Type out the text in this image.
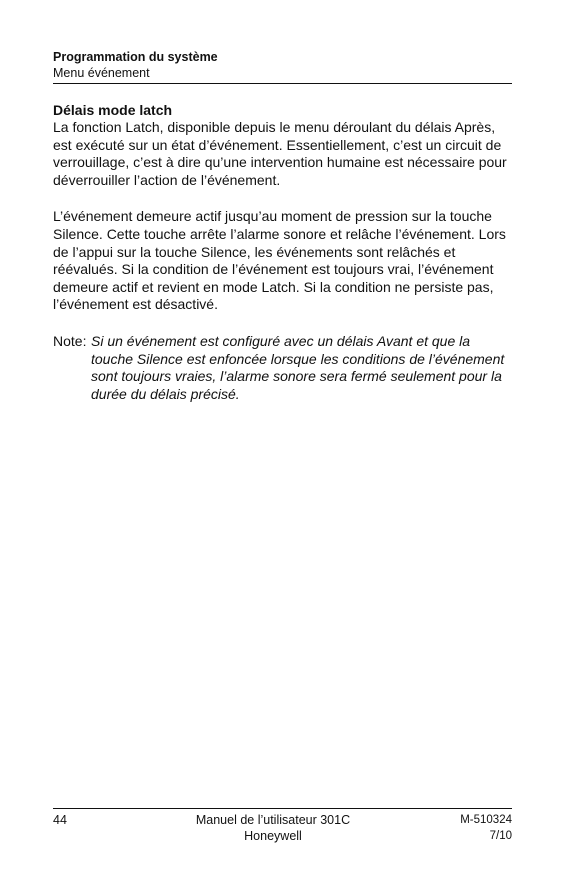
Programmation du système
Menu événement
Délais mode latch

La fonction Latch, disponible depuis le menu déroulant du délais Après, est exécuté sur un état d’événement. Essentiellement, c’est un circuit de verrouillage, c’est à dire qu’une intervention humaine est nécessaire pour déverrouiller l’action de l’événement.

L’événement demeure actif jusqu’au moment de pression sur la touche Silence. Cette touche arrête l’alarme sonore et relâche l’événement. Lors de l’appui sur la touche Silence, les événements sont relâchés et réévalués. Si la condition de l’événement est toujours vrai, l’événement demeure actif et revient en mode Latch. Si la condition ne persiste pas, l’événement est désactivé.

Note: Si un événement est configuré avec un délais Avant et que la touche Silence est enfoncée lorsque les conditions de l’événement sont toujours vraies, l’alarme sonore sera fermé seulement pour la durée du délais précisé.
44	Manuel de l’utilisateur 301C
Honeywell
M-510324
7/10
